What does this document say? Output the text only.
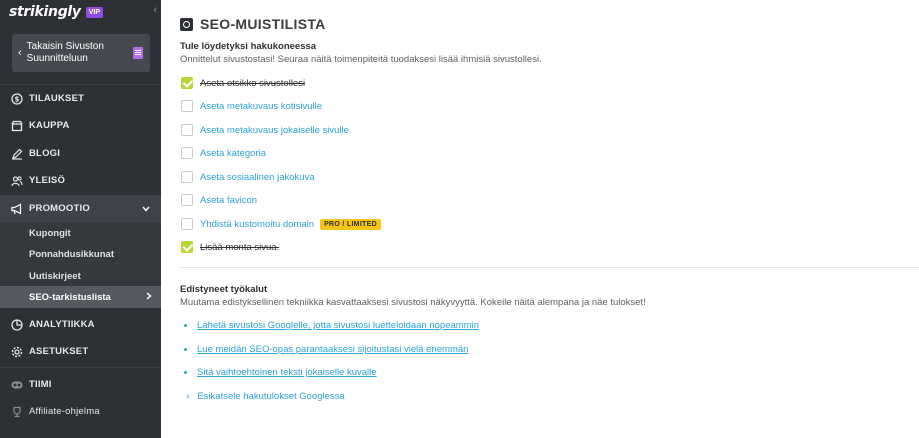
strikingly	VIP	‹
‹
Takaisin Sivuston Suunnitteluun
$ TILAUKSET
KAUPPA
BLOGI
YLEISÖ
PROMOOTIO
Kupongit
Ponnahdusikkunat
Uutiskirjeet
SEO-tarkistuslista
ANALYTIIKKA
ASETUKSET
TIIMI
Affiliate-ohjelma
SEO-MUISTILISTA
Tule löydetyksi hakukoneessa
Onnittelut sivustostasi! Seuraa näitä toimenpiteitä tuodaksesi lisää ihmisiä sivustollesi.
Aseta otsikko sivustollesi
Aseta metakuvaus kotisivulle
Aseta metakuvaus jokaiselle sivulle
Aseta kategoria
Aseta sosiaalinen jakokuva
Aseta favicon
Yhdistä kustomoitu domain	PRO / LIMITED
Lisää monta sivua.
Edistyneet työkalut
Muutama edistyksellinen tekniikka kasvattaaksesi sivustosi näkyvyyttä. Kokeile näitä alempana ja näe tulokset!
Lähetä sivustosi Googlelle, jotta sivustosi luetteloidaan nopeammin
Lue meidän SEO-opas parantaaksesi sijoitustasi vielä enemmän
Sitä vaihtoehtoinen teksti jokaiselle kuvalle
› Esikatsele hakutulokset Googlessa
